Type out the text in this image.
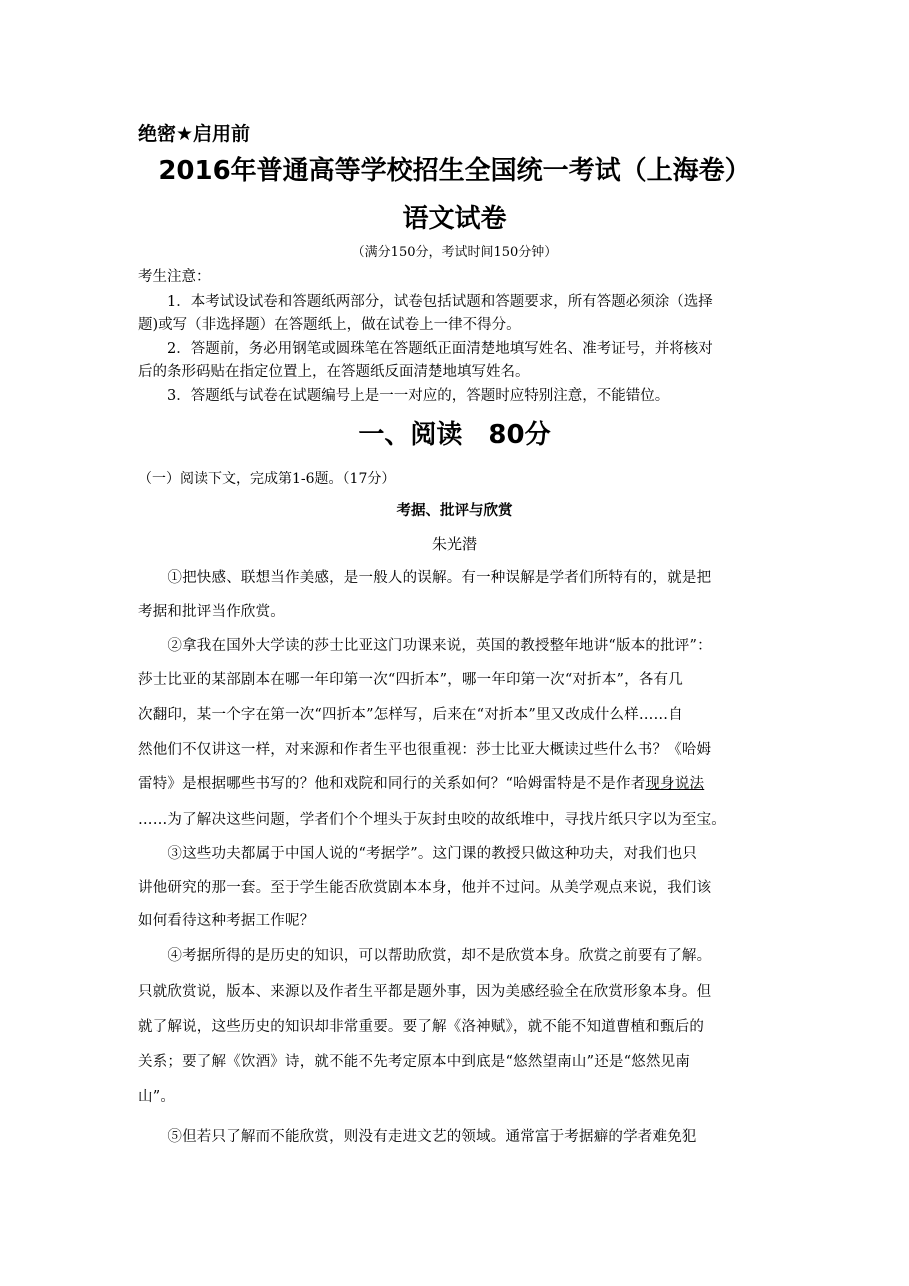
绝密★启用前
2016年普通高等学校招生全国统一考试（上海卷）
语文试卷
（满分150分，考试时间150分钟）
考生注意：
　　1．本考试设试卷和答题纸两部分，试卷包括试题和答题要求，所有答题必须涂（选择
题)或写（非选择题）在答题纸上，做在试卷上一律不得分。
　　2．答题前，务必用钢笔或圆珠笔在答题纸正面清楚地填写姓名、准考证号，并将核对
后的条形码贴在指定位置上，在答题纸反面清楚地填写姓名。
　　3．答题纸与试卷在试题编号上是一一对应的，答题时应特别注意，不能错位。
一、阅读　80分
（一）阅读下文，完成第1-6题。（17分）
考据、批评与欣赏
朱光潜
　　①把快感、联想当作美感，是一般人的误解。有一种误解是学者们所特有的，就是把
考据和批评当作欣赏。
　　②拿我在国外大学读的莎士比亚这门功课来说，英国的教授整年地讲“版本的批评”：
莎士比亚的某部剧本在哪一年印第一次“四折本”，哪一年印第一次“对折本”，各有几
次翻印，某一个字在第一次“四折本”怎样写，后来在“对折本”里又改成什么样……自
然他们不仅讲这一样，对来源和作者生平也很重视：莎士比亚大概读过些什么书？《哈姆
雷特》是根据哪些书写的？他和戏院和同行的关系如何？“哈姆雷特是不是作者现身说法
……为了解决这些问题，学者们个个埋头于灰封虫咬的故纸堆中，寻找片纸只字以为至宝。
　　③这些功夫都属于中国人说的“考据学”。这门课的教授只做这种功夫，对我们也只
讲他研究的那一套。至于学生能否欣赏剧本本身，他并不过问。从美学观点来说，我们该
如何看待这种考据工作呢？
　　④考据所得的是历史的知识，可以帮助欣赏，却不是欣赏本身。欣赏之前要有了解。
只就欣赏说，版本、来源以及作者生平都是题外事，因为美感经验全在欣赏形象本身。但
就了解说，这些历史的知识却非常重要。要了解《洛神赋》，就不能不知道曹植和甄后的
关系；要了解《饮酒》诗，就不能不先考定原本中到底是“悠然望南山”还是“悠然见南
山”。
　　⑤但若只了解而不能欣赏，则没有走进文艺的领域。通常富于考据癖的学者难免犯
